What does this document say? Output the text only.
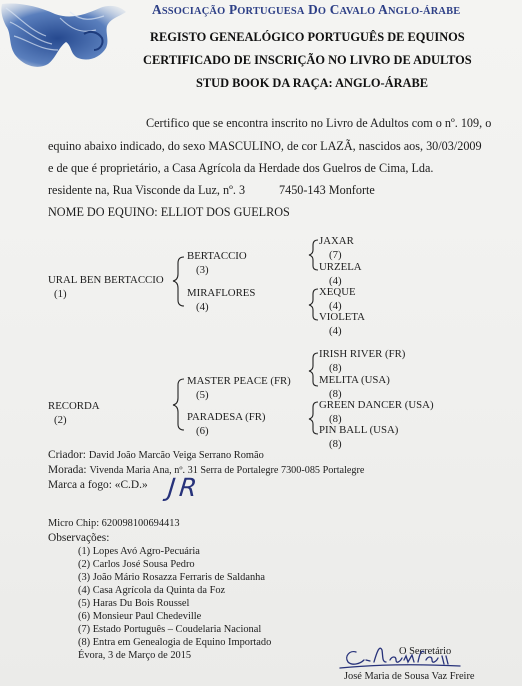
ASSOCIAÇÃO PORTUGUESA DO CAVALO ANGLO-ÁRABE
REGISTO GENEALÓGICO PORTUGUÊS DE EQUINOS
CERTIFICADO DE INSCRIÇÃO NO LIVRO DE ADULTOS
STUD BOOK DA RAÇA: ANGLO-ÁRABE
Certifico que se encontra inscrito no Livro de Adultos com o nº. 109, o
equino abaixo indicado, do sexo MASCULINO, de cor LAZÃ, nascidos aos, 30/03/2009
e de que é proprietário, a Casa Agrícola da Herdade dos Guelros de Cima, Lda.
residente na, Rua Visconde da Luz, nº. 3	7450-143 Monforte
NOME DO EQUINO: ELLIOT DOS GUELROS
URAL BEN BERTACCIO
(1)
BERTACCIO
(3)
MIRAFLORES
(4)
JAXAR
(7)
URZELA
(4)
XEQUE
(4)
VIOLETA
(4)
RECORDA
(2)
MASTER PEACE (FR)
(5)
PARADESA (FR)
(6)
IRISH RIVER (FR)
(8)
MELITA (USA)
(8)
GREEN DANCER (USA)
(8)
PIN BALL (USA)
(8)
Criador: David João Marcão Veiga Serrano Romão
Morada: Vivenda Maria Ana, nº. 31 Serra de Portalegre 7300-085 Portalegre
Marca a fogo: «C.D.» JR
Micro Chip: 620098100694413
Observações:
(1) Lopes Avó Agro-Pecuária
(2) Carlos José Sousa Pedro
(3) João Mário Rosazza Ferraris de Saldanha
(4) Casa Agrícola da Quinta da Foz
(5) Haras Du Bois Roussel
(6) Monsieur Paul Chedeville
(7) Estado Português – Coudelaria Nacional
(8) Entra em Genealogia de Equino Importado
Évora, 3 de Março de 2015	O Secretário
José Maria de Sousa Vaz Freire
